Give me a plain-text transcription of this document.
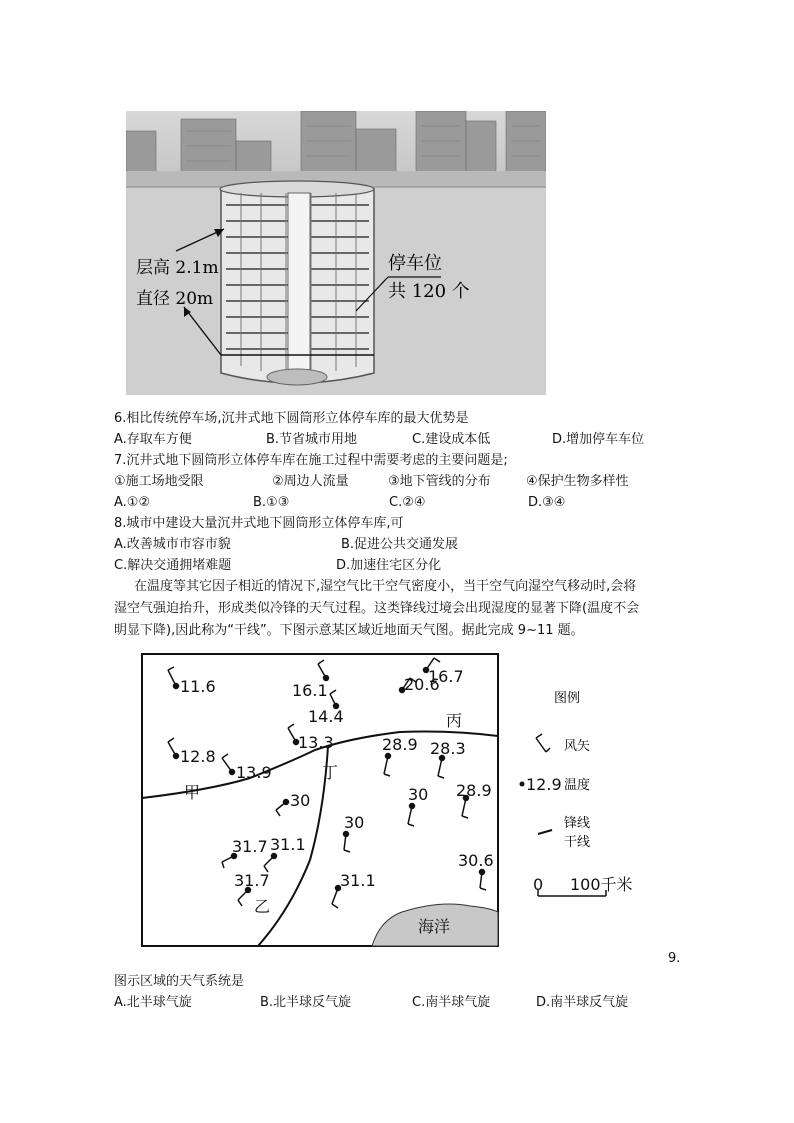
层高 2.1m
直径 20m
停车位
共 120 个
6.相比传统停车场,沉井式地下圆筒形立体停车库的最大优势是
A.存取车方便	B.节省城市用地	C.建设成本低	D.增加停车车位
7.沉井式地下圆筒形立体停车库在施工过程中需要考虑的主要问题是;
①施工场地受限	②周边人流量	③地下管线的分布	④保护生物多样性
A.①②	B.①③	C.②④	D.③④
8.城市中建设大量沉井式地下圆筒形立体停车库,可
A.改善城市市容市貌	B.促进公共交通发展
C.解决交通拥堵难题	D.加速住宅区分化
在温度等其它因子相近的情况下,湿空气比干空气密度小，当干空气向湿空气移动时,会将
湿空气强迫抬升，形成类似冷锋的天气过程。这类锋线过境会出现湿度的显著下降(温度不会
明显下降),因此称为“干线”。下图示意某区域近地面天气图。据此完成 9~11 题。
海洋
11.6	16.1
14.4
20.6
16.7
12.8
13.9
13.3	28.9 28.3
30	30 28.9
30
31.7 31.1
31.7	31.1
30.6
甲
乙
丙
丁
图例
风矢
12.9 温度
锋线
干线
0 100千米
9.
图示区域的天气系统是
A.北半球气旋	B.北半球反气旋	C.南半球气旋	D.南半球反气旋
